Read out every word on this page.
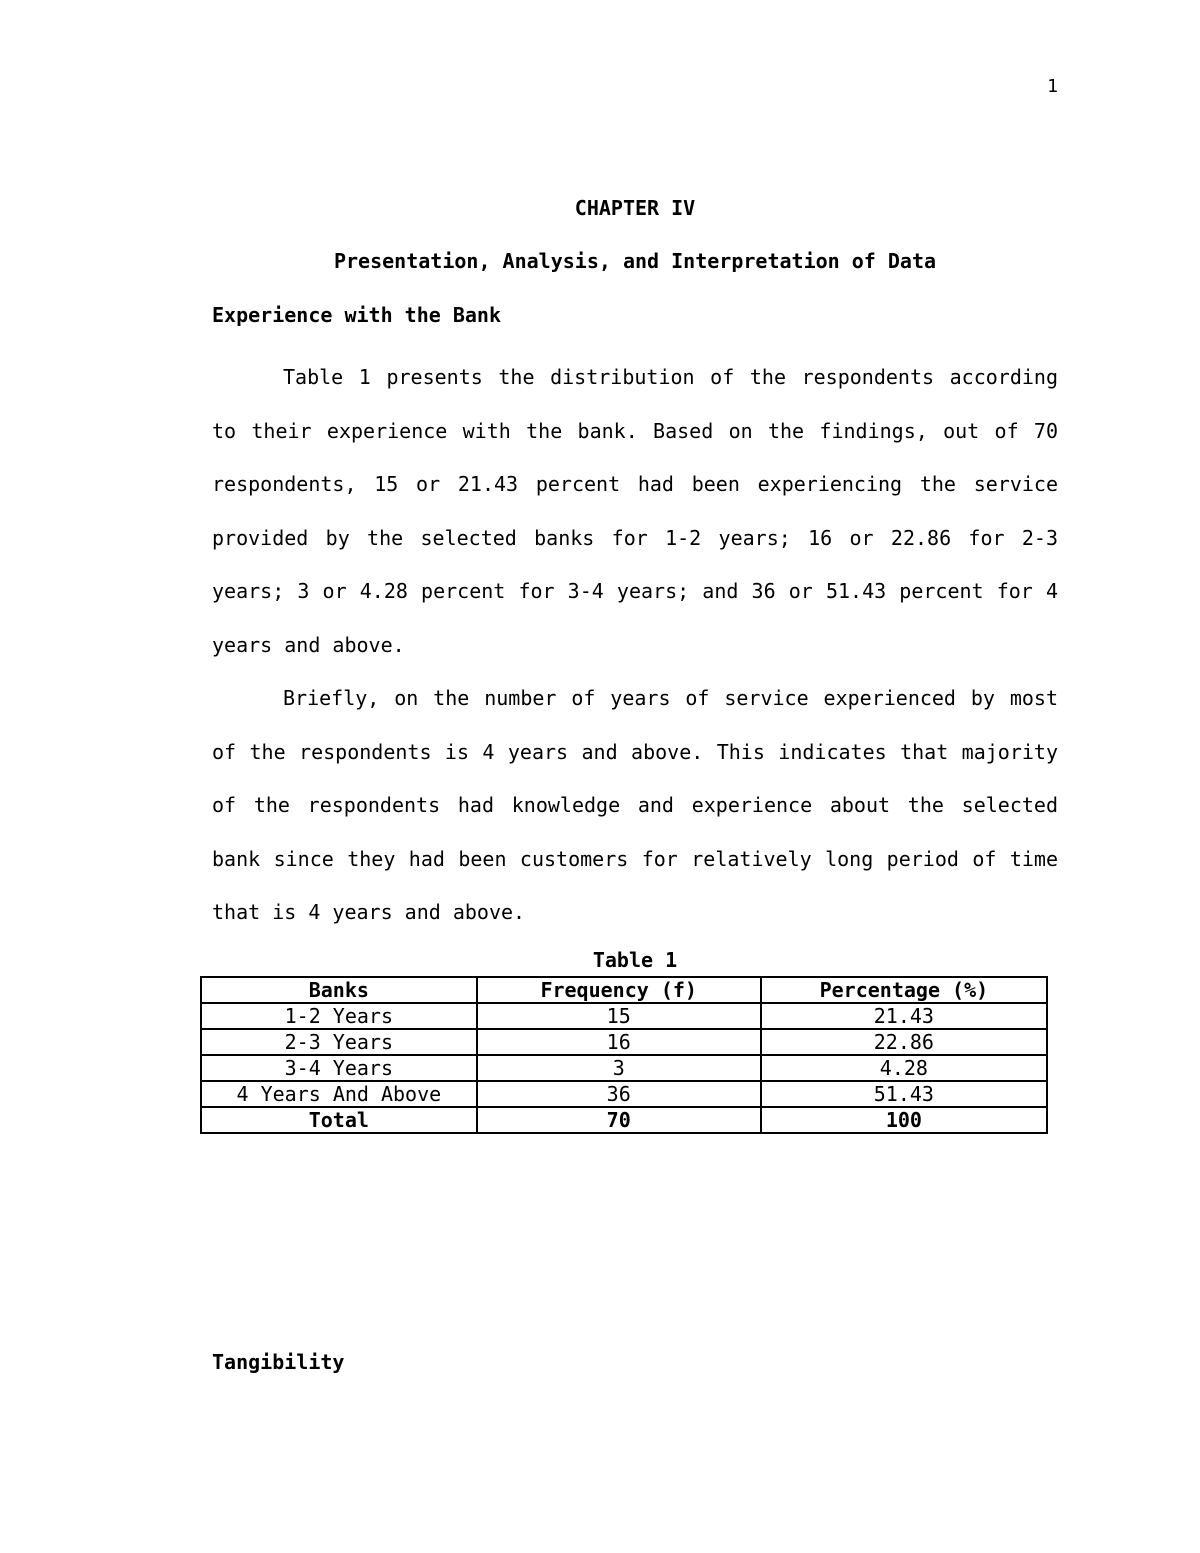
1
CHAPTER IV
Presentation, Analysis, and Interpretation of Data
Experience with the Bank

Table 1 presents the distribution of the respondents according to their experience with the bank. Based on the findings, out of 70 respondents, 15 or 21.43 percent had been experiencing the service provided by the selected banks for 1-2 years; 16 or 22.86 for 2-3 years; 3 or 4.28 percent for 3-4 years; and 36 or 51.43 percent for 4 years and above.

Briefly, on the number of years of service experienced by most of the respondents is 4 years and above. This indicates that majority of the respondents had knowledge and experience about the selected bank since they had been customers for relatively long period of time that is 4 years and above.

Table 1
Banks	Frequency (f)	Percentage (%)
1-2 Years	15	21.43
2-3 Years	16	22.86
3-4 Years	3	4.28
4 Years And Above	36	51.43
Total	70	100
Tangibility
